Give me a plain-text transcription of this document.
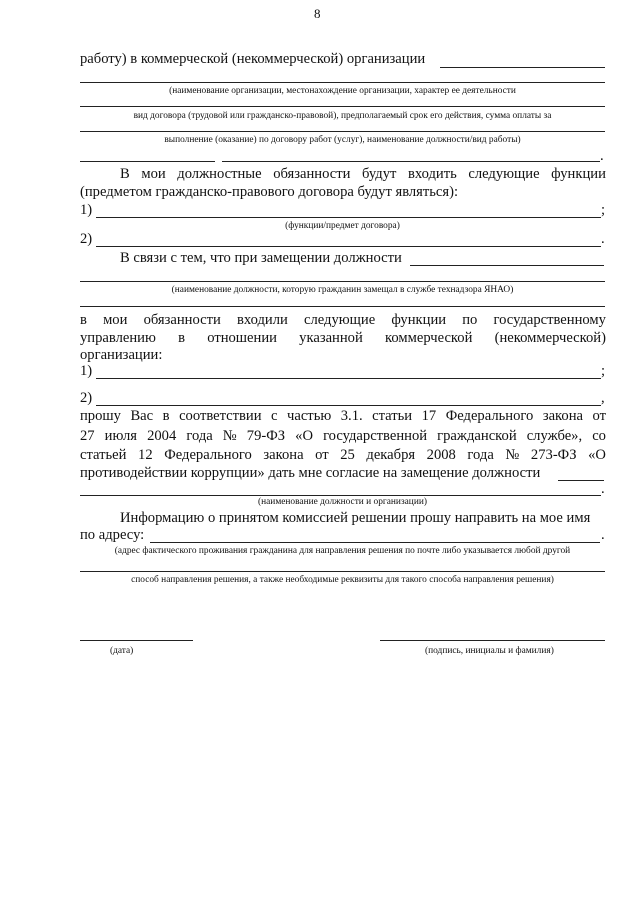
8
работу) в коммерческой (некоммерческой) организации
(наименование организации, местонахождение организации, характер ее деятельности
вид договора (трудовой или гражданско-правовой), предполагаемый срок его действия, сумма оплаты за
выполнение (оказание) по договору работ (услуг), наименование должности/вид работы)
.
В мои должностные обязанности будут входить следующие функции
(предметом гражданско-правового договора будут являться):
1)	;
(функции/предмет договора)
2)	.
В связи с тем, что при замещении должности
(наименование должности, которую гражданин замещал в службе технадзора ЯНАО)
в мои обязанности входили следующие функции по государственному
управлению в отношении указанной коммерческой (некоммерческой)
организации:
1)	;
2)	,
прошу Вас в соответствии с частью 3.1. статьи 17 Федерального закона от
27 июля 2004 года № 79-ФЗ «О государственной гражданской службе», со
статьей 12 Федерального закона от 25 декабря 2008 года № 273-ФЗ «О
противодействии коррупции» дать мне согласие на замещение должности
.
(наименование должности и организации)
Информацию о принятом комиссией решении прошу направить на мое имя
по адресу:	.
(адрес фактического проживания гражданина для направления решения по почте либо указывается любой другой
способ направления решения, а также необходимые реквизиты для такого способа направления решения)
(дата)	(подпись, инициалы и фамилия)
